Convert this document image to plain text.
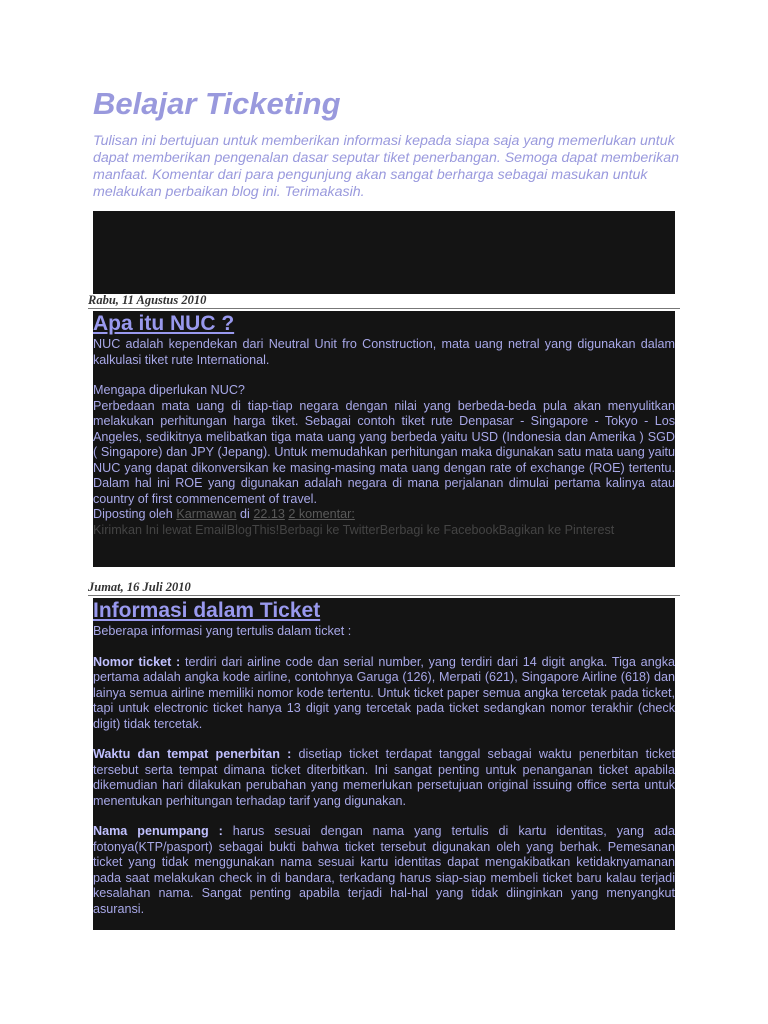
Belajar Ticketing

Tulisan ini bertujuan untuk memberikan informasi kepada siapa saja yang memerlukan untuk dapat memberikan pengenalan dasar seputar tiket penerbangan. Semoga dapat memberikan manfaat. Komentar dari para pengunjung akan sangat berharga sebagai masukan untuk melakukan perbaikan blog ini. Terimakasih.

Rabu, 11 Agustus 2010
Apa itu NUC ?
NUC adalah kependekan dari Neutral Unit fro Construction, mata uang netral yang digunakan dalam kalkulasi tiket rute International.
Mengapa diperlukan NUC?
Perbedaan mata uang di tiap-tiap negara dengan nilai yang berbeda-beda pula akan menyulitkan melakukan perhitungan harga tiket. Sebagai contoh tiket rute Denpasar - Singapore - Tokyo - Los Angeles, sedikitnya melibatkan tiga mata uang yang berbeda yaitu USD (Indonesia dan Amerika ) SGD ( Singapore) dan JPY (Jepang). Untuk memudahkan perhitungan maka digunakan satu mata uang yaitu NUC yang dapat dikonversikan ke masing-masing mata uang dengan rate of exchange (ROE) tertentu. Dalam hal ini ROE yang digunakan adalah negara di mana perjalanan dimulai pertama kalinya atau country of first commencement of travel.
Diposting oleh Karmawan di 22.13 2 komentar:
Kirimkan Ini lewat EmailBlogThis!Berbagi ke TwitterBerbagi ke FacebookBagikan ke Pinterest
Jumat, 16 Juli 2010
Informasi dalam Ticket
Beberapa informasi yang tertulis dalam ticket :
Nomor ticket : terdiri dari airline code dan serial number, yang terdiri dari 14 digit angka. Tiga angka pertama adalah angka kode airline, contohnya Garuga (126), Merpati (621), Singapore Airline (618) dan lainya semua airline memiliki nomor kode tertentu. Untuk ticket paper semua angka tercetak pada ticket, tapi untuk electronic ticket hanya 13 digit yang tercetak pada ticket sedangkan nomor terakhir (check digit) tidak tercetak.
Waktu dan tempat penerbitan : disetiap ticket terdapat tanggal sebagai waktu penerbitan ticket tersebut serta tempat dimana ticket diterbitkan. Ini sangat penting untuk penanganan ticket apabila dikemudian hari dilakukan perubahan yang memerlukan persetujuan original issuing office serta untuk menentukan perhitungan terhadap tarif yang digunakan.
Nama penumpang : harus sesuai dengan nama yang tertulis di kartu identitas, yang ada fotonya(KTP/pasport) sebagai bukti bahwa ticket tersebut digunakan oleh yang berhak. Pemesanan ticket yang tidak menggunakan nama sesuai kartu identitas dapat mengakibatkan ketidaknyamanan pada saat melakukan check in di bandara, terkadang harus siap-siap membeli ticket baru kalau terjadi kesalahan nama. Sangat penting apabila terjadi hal-hal yang tidak diinginkan yang menyangkut asuransi.
